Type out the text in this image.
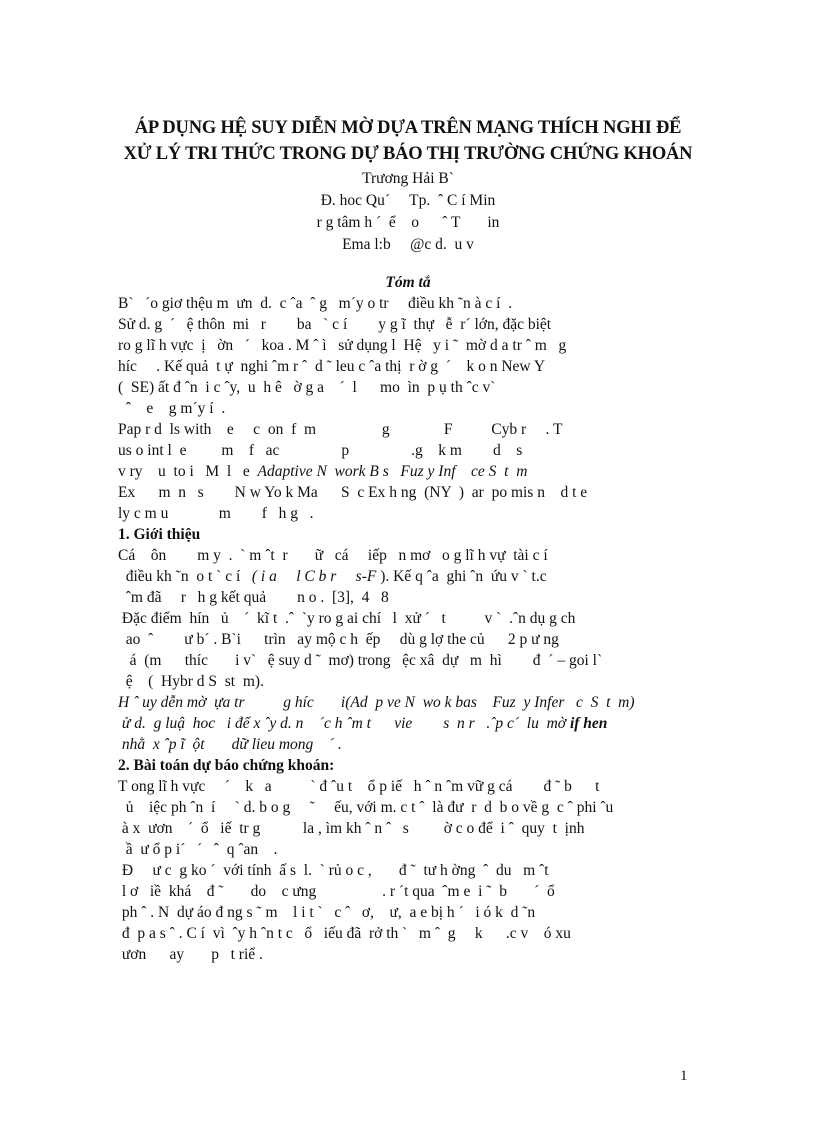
ÁP DỤNG HỆ SUY DIỄN MỜ DỰA TRÊN MẠNG THÍCH NGHI ĐỂ
XỬ LÝ TRI THỨC TRONG DỰ BÁO THỊ TRƯỜNG CHỨNG KHOÁN
Trương Hải B`
Đ. hoc Qu´     Tp.  ˆ C í Min
r g tâm h ´  ể    o      ˆ T       in
Ema l:b     @c d.  u v
Tóm tắ
B`   ´o giơ thệu m  ưn  d.  c ˆa  ˆ g   m´y o tr     điều kh ˜n à c í  .
Sử d. g  ´   ệ thôn  mi   r        ba   ` c í        y g ĩ  thự   ễ  r´ lớn, đặc biệt
ro g lĩ h vực  ị   ờn   ´   koa . M ˆ ì   sử dụng l  Hệ   y i ˜  mờ d a tr ˆ m   g
híc     . Kế quả  t ự  nghi ˆm r ˆ  d ˜ leu c ˆa thị  r ờ g  ´    k o n New Y
(  SE) ất đ ˆn  i c ˆy,  u  h ê   ờ g a    ´  l      mo  ìn  p ụ th ˆc v`
ˆ    e    g m´y í  .
Pap r d  ls with    e     c  on  f  m                 g              F          Cyb r     . T
us o int l  e         m    f   ac                p                .g    k m        d    s
v ry    u  to i   M  l   e  Adaptive N  work B s   Fuz y Inf    ce S  t  m
Ex      m  n   s        N w Yo k Ma      S  c Ex h ng  (NY  )  ar  po mis n    d t e
ly c m u             m        f   h g   .
1. Giới thiệu
Cá    ôn        m y  .  ` m ˆt  r       ữ   cá     iếp   n mơ   o g lĩ h vự  tài c í
điều kh ˜n  o t ` c í   ( i a     l C b r     s-F ). Kế q ˆa  ghi ˆn  ứu v ` t.c
ˆm đã     r   h g kết quả        n o .  [3],  4   8
Đặc điểm  hín   ủ    ´  kĩ t  .ˆ  `y ro g ai chí   l  xử ´   t          v `  .ˆn dụ g ch
ao  ˆ        ư b´ . B`i      trìn   ay mộ c h  ếp     dù g lợ the củ      2 p ư ng
á  (m      thíc       i v`   ệ suy d ˜  mơ) trong   ệc xâ  dự   m  hì        đ  ´ – goi l`
ệ    (  Hybr d S  st  m).
H ˆ uy dễn mờ  ựa tr          g híc       i(Ad  p ve N  wo k bas    Fuz  y Infer   c  S  t  m)
ử d.  g luậ  hoc   i để x ˆy d. n    ´c h ˆm t      vie        s  n r   .ˆp c´  lu  mờ if hen
nhằ  x ˆp ĩ  ột       dữ lieu mong    ´ .
2. Bài toán dự báo chứng khoán:
T ong lĩ h vực     ´    k   a          ` đ ˆu t    ổ p iế   h ˆ n ˆm vữ g cá        đ ˜ b      t
ủ    iệc ph ˆn  í     ` d. b o g     ˜     ếu, với m. c t ˆ  là đư  r  d  b o về g  c ˆ phi ˆu
à x  ươn    ´  ổ   iế  tr g           la , ìm kh ˆ n ˆ   s         ờ c o để  i ˆ  quy  t  ịnh
ầ  ư ổ p i´   ´   ˆ  q ˆan    .
Đ     ư c  g ko ´  với tính  ấ s  l.  ` rủ o c ,       đ ˜  tư h ờng  ˆ  du   m ˆt
l ơ   iề  khá    đ ˜       do    c ưng                 . r ´t qua  ˆm e  i ˜  b       ´  ổ
ph ˆ . N  dự áo đ ng s ˜ m    l i t `   c ˆ   ơ,    ư,  a e bị h ´   i ó k  d ˜n
đ  p a s ˆ . C í  vì  ˆy h ˆn t c   ổ   iếu đã  rở th `   m ˆ  g     k      .c v    ó xu
ươn      ay       p   t riể .
1
